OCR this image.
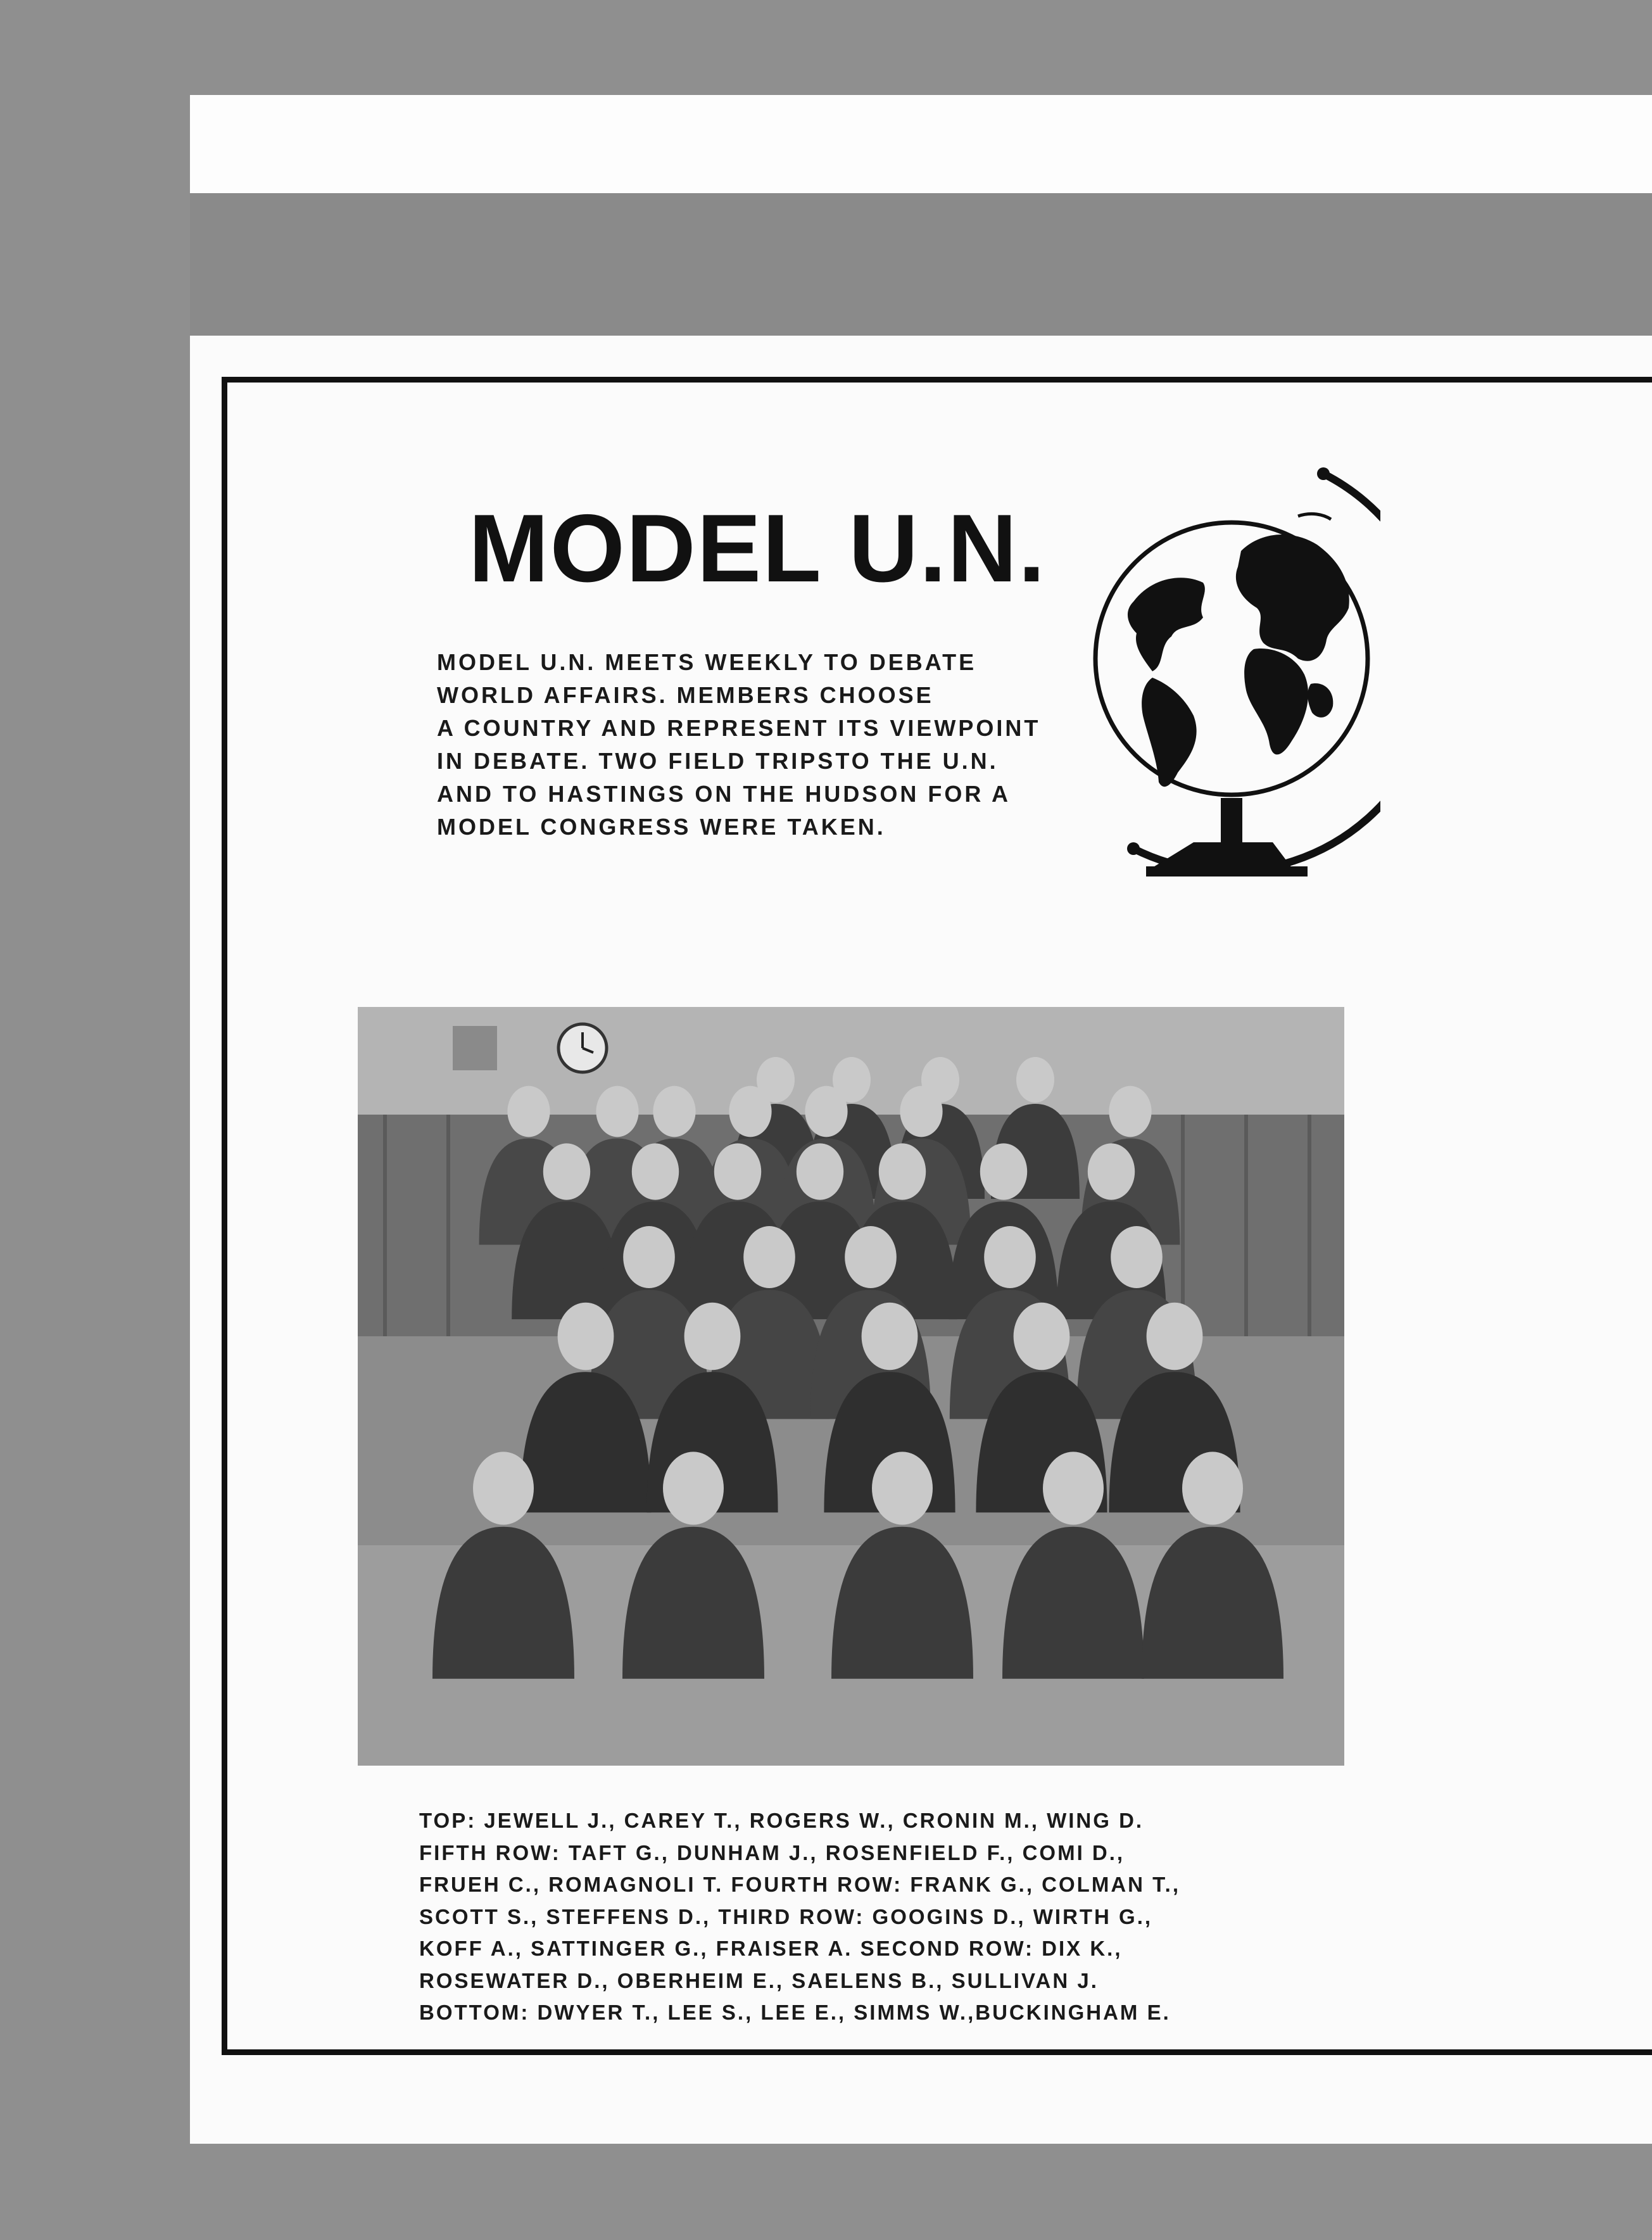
MODEL U.N.
MODEL U.N. MEETS WEEKLY TO DEBATE
WORLD AFFAIRS. MEMBERS CHOOSE
A COUNTRY AND REPRESENT ITS VIEWPOINT
IN DEBATE. TWO FIELD TRIPSTO THE U.N.
AND TO HASTINGS ON THE HUDSON FOR A
MODEL CONGRESS WERE TAKEN.
TOP: JEWELL J., CAREY T., ROGERS W., CRONIN M., WING D.
FIFTH ROW: TAFT G., DUNHAM J., ROSENFIELD F., COMI D.,
FRUEH C., ROMAGNOLI T. FOURTH ROW: FRANK G., COLMAN T.,
SCOTT S., STEFFENS D., THIRD ROW: GOOGINS D., WIRTH G.,
KOFF A., SATTINGER G., FRAISER A. SECOND ROW: DIX K.,
ROSEWATER D., OBERHEIM E., SAELENS B., SULLIVAN J.
BOTTOM: DWYER T., LEE S., LEE E., SIMMS W.,BUCKINGHAM E.
